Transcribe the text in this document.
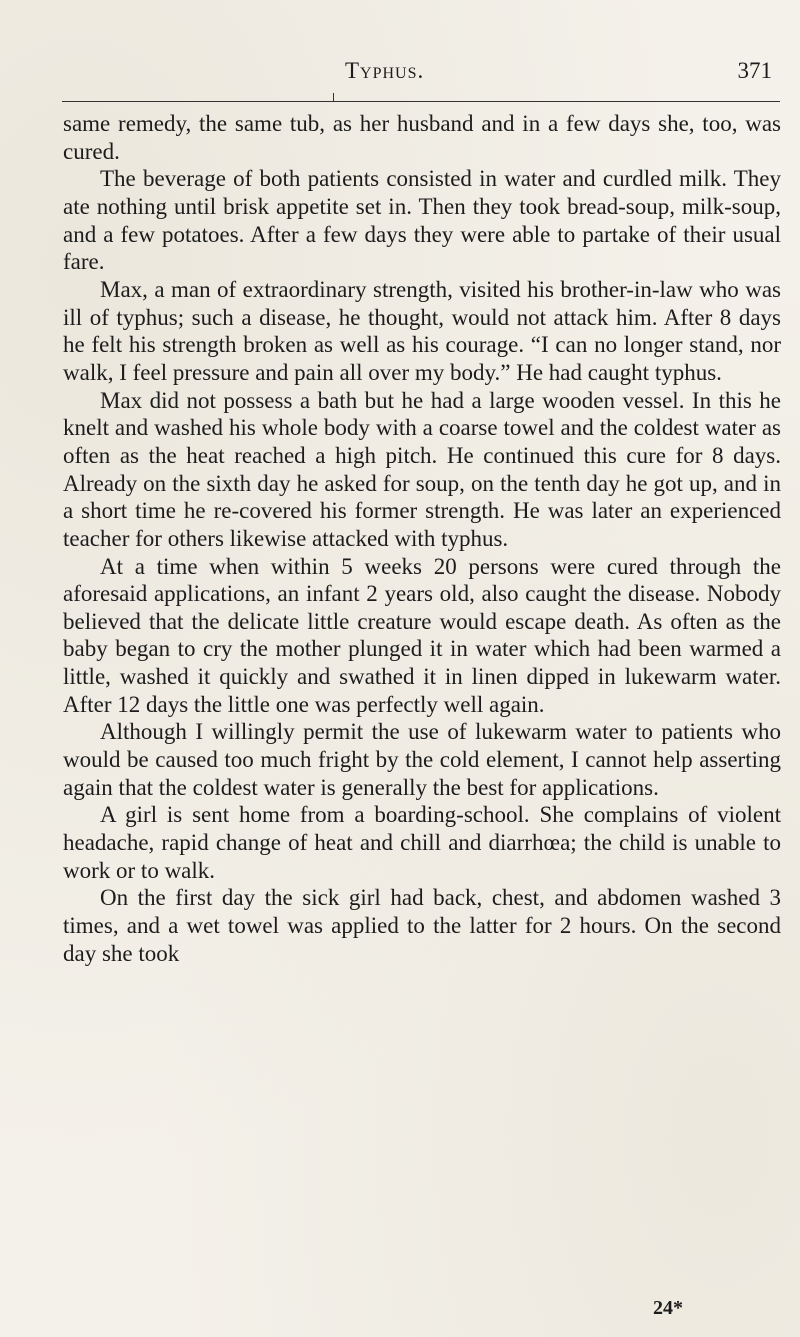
Typhus.	371

same remedy, the same tub, as her husband and in a few days she, too, was cured.

The beverage of both patients consisted in water and curdled milk. They ate nothing until brisk appetite set in. Then they took bread-soup, milk-soup, and a few potatoes. After a few days they were able to partake of their usual fare.

Max, a man of extraordinary strength, visited his brother-in-law who was ill of typhus; such a disease, he thought, would not attack him. After 8 days he felt his strength broken as well as his courage. “I can no longer stand, nor walk, I feel pressure and pain all over my body.” He had caught typhus.

Max did not possess a bath but he had a large wooden vessel. In this he knelt and washed his whole body with a coarse towel and the coldest water as often as the heat reached a high pitch. He continued this cure for 8 days. Already on the sixth day he asked for soup, on the tenth day he got up, and in a short time he re-covered his former strength. He was later an experienced teacher for others likewise attacked with typhus.

At a time when within 5 weeks 20 persons were cured through the aforesaid applications, an infant 2 years old, also caught the disease. Nobody believed that the delicate little creature would escape death. As often as the baby began to cry the mother plunged it in water which had been warmed a little, washed it quickly and swathed it in linen dipped in lukewarm water. After 12 days the little one was perfectly well again.

Although I willingly permit the use of lukewarm water to patients who would be caused too much fright by the cold element, I cannot help asserting again that the coldest water is generally the best for applications.

A girl is sent home from a boarding-school. She complains of violent headache, rapid change of heat and chill and diarrhœa; the child is unable to work or to walk.

On the first day the sick girl had back, chest, and abdomen washed 3 times, and a wet towel was applied to the latter for 2 hours. On the second day she took

24*
